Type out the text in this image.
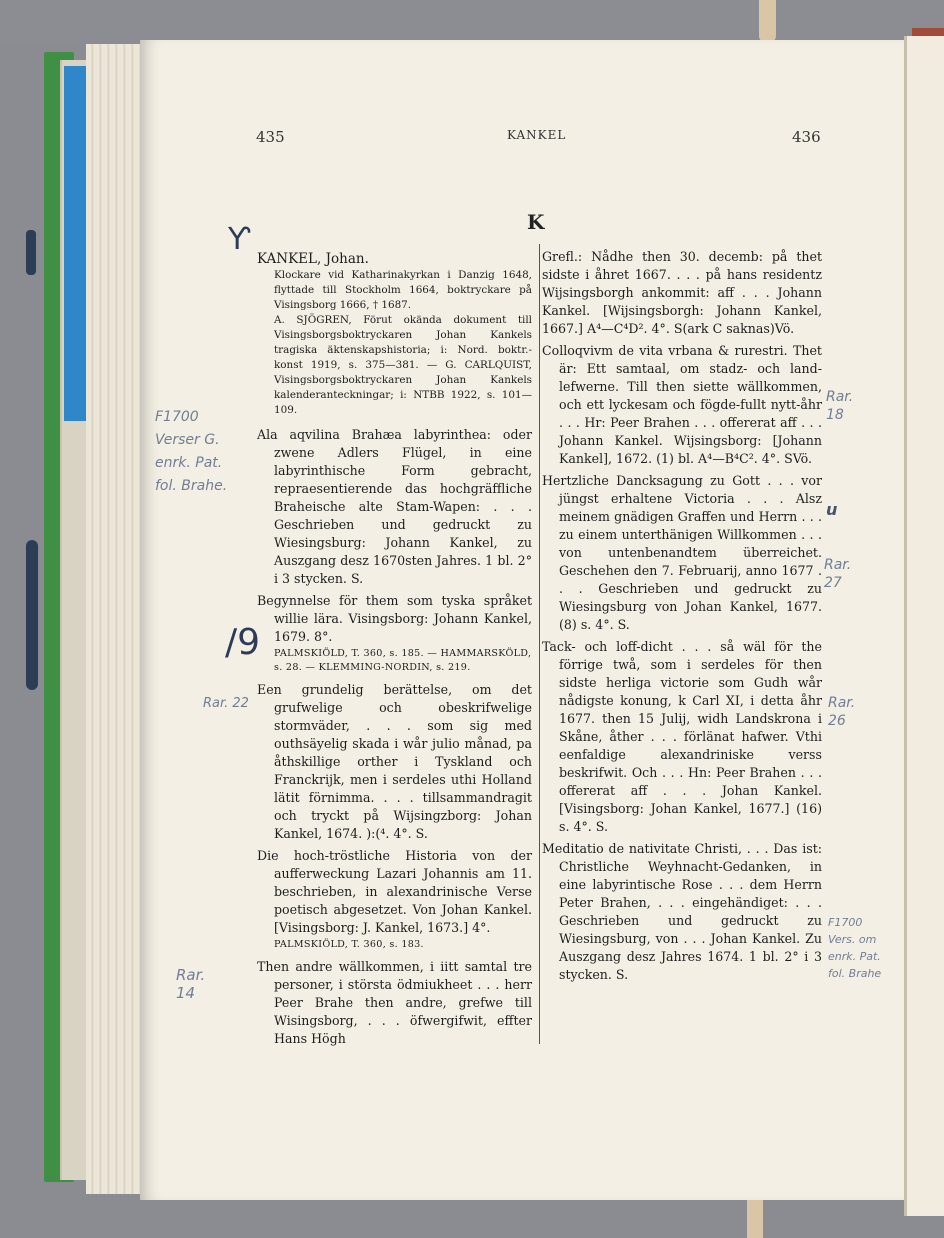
435	KANKEL	436
K

KANKEL, Johan.

Klockare vid Katharinakyrkan i Danzig 1648, flyttade till Stockholm 1664, boktryckare på Visingsborg 1666, † 1687.

A. SJÖGREN, Förut okända dokument till Visingsborgsboktryckaren Johan Kankels tragiska äktenskapshistoria; i: Nord. boktr.-konst 1919, s. 375—381. — G. CARLQUIST, Visingsborgsboktryckaren Johan Kankels kalenderanteckningar; i: NTBB 1922, s. 101—109.

Ala aqvilina Brahæa labyrinthea: oder zwene Adlers Flügel, in eine labyrinthische Form gebracht, repraesentierende das hochgräffliche Braheische alte Stam-Wapen: . . . Geschrieben und gedruckt zu Wiesingsburg: Johann Kankel, zu Auszgang desz 1670sten Jahres. 1 bl. 2° i 3 stycken. S.

Begynnelse för them som tyska språket willie lära. Visingsborg: Johann Kankel, 1679. 8°.

PALMSKIÖLD, T. 360, s. 185. — HAMMARSKÖLD, s. 28. — KLEMMING-NORDIN, s. 219.

Een grundelig berättelse, om det grufwelige och obeskrifwelige stormväder, . . . som sig med outhsäyelig skada i wår julio månad, pa åthskillige orther i Tyskland och Franckrijk, men i serdeles uthi Holland lätit förnimma. . . . tillsammandragit och tryckt på Wijsingzborg: Johan Kankel, 1674. ):(⁴. 4°. S.

Die hoch-tröstliche Historia von der aufferweckung Lazari Johannis am 11. beschrieben, in alexandrinische Verse poetisch abgesetzet. Von Johan Kankel. [Visingsborg: J. Kankel, 1673.] 4°.

PALMSKIÖLD, T. 360, s. 183.

Then andre wällkommen, i iitt samtal tre personer, i största ödmiukheet . . . herr Peer Brahe then andre, grefwe till Wisingsborg, . . . öfwergifwit, effter Hans Högh

Grefl.: Nådhe then 30. decemb: på thet sidste i åhret 1667. . . . på hans residentz Wijsingsborgh ankommit: aff . . . Johann Kankel. [Wijsingsborgh: Johann Kankel, 1667.] A⁴—C⁴D². 4°. S(ark C saknas)Vö.

Colloqvivm de vita vrbana & rurestri. Thet är: Ett samtaal, om stadz- och land-lefwerne. Till then siette wällkommen, och ett lyckesam och fögde-fullt nytt-åhr . . . Hr: Peer Brahen . . . offererat aff . . . Johann Kankel. Wijsingsborg: [Johann Kankel], 1672. (1) bl. A⁴—B⁴C². 4°. SVö.

Hertzliche Dancksagung zu Gott . . . vor jüngst erhaltene Victoria . . . Alsz meinem gnädigen Graffen und Herrn . . . zu einem unterthänigen Willkommen . . . von untenbenandtem überreichet. Geschehen den 7. Februarij, anno 1677 . . . Geschrieben und gedruckt zu Wiesingsburg von Johan Kankel, 1677. (8) s. 4°. S.

Tack- och loff-dicht . . . så wäl för the förrige twå, som i serdeles för then sidste herliga victorie som Gudh wår nådigste konung, k Carl XI, i detta åhr 1677. then 15 Julij, widh Landskrona i Skåne, åther . . . förlänat hafwer. Vthi eenfaldige alexandriniske verss beskrifwit. Och . . . Hn: Peer Brahen . . . offererat aff . . . Johan Kankel. [Visingsborg: Johan Kankel, 1677.] (16) s. 4°. S.

Meditatio de nativitate Christi, . . . Das ist: Christliche Weyhnacht-Gedanken, in eine labyrintische Rose . . . dem Herrn Peter Brahen, . . . eingehändiget: . . . Geschrieben und gedruckt zu Wiesingsburg, von . . . Johan Kankel. Zu Auszgang desz Jahres 1674. 1 bl. 2° i 3 stycken. S.

Ƴ
/9
F1700 Verser G. enrk. Pat. fol. Brahe.
Rar. 22
Rar. 14
Rar. 18
Rar. 27
Rar. 26
F1700 Vers. om enrk. Pat. fol. Brahe
u
